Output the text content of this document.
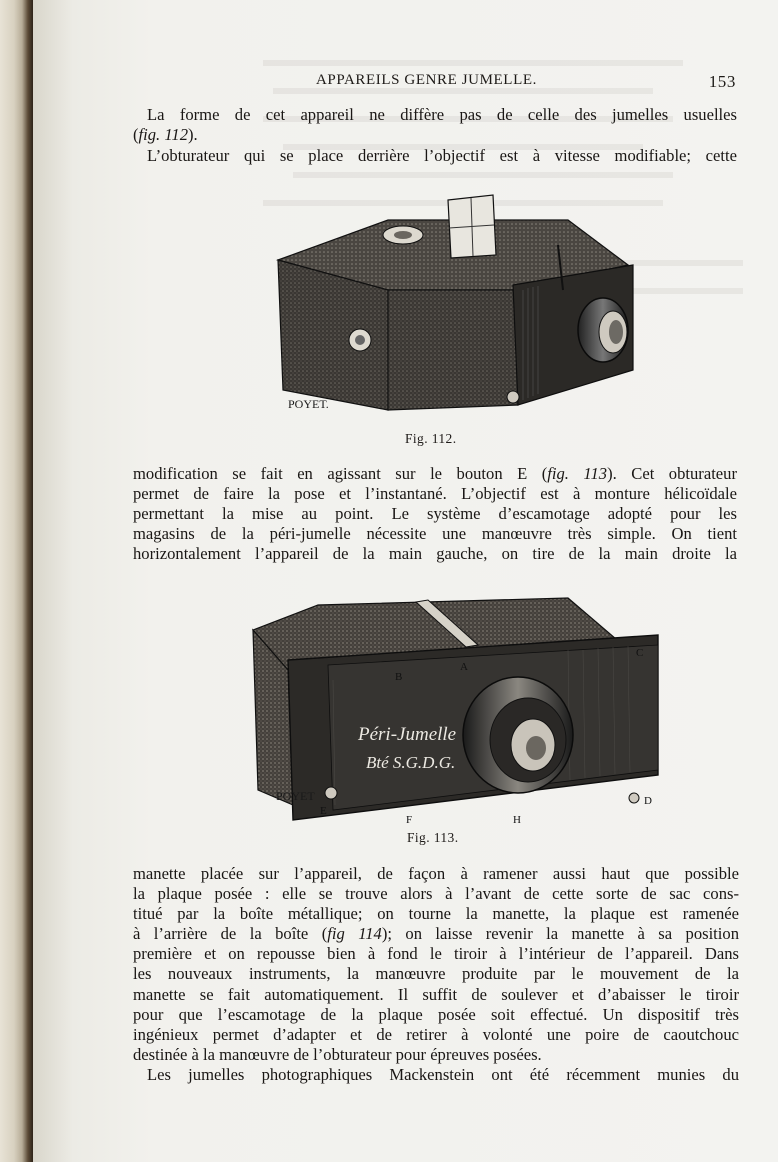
APPAREILS GENRE JUMELLE.	153
La forme de cet appareil ne diffère pas de celle des jumelles usuelles
(fig. 112).
L’obturateur qui se place derrière l’objectif est à vitesse modifiable; cette
POYET.
Fig. 112.
modification se fait en agissant sur le bouton E (fig. 113). Cet obturateur
permet de faire la pose et l’instantané. L’objectif est à monture hélicoïdale
permettant la mise au point. Le système d’escamotage adopté pour les
magasins de la péri-jumelle nécessite une manœuvre très simple. On tient
horizontalement l’appareil de la main gauche, on tire de la main droite la
Péri-Jumelle
Bté S.G.D.G.
A
B
C
D
E
F	H
POYET
Fig. 113.
manette placée sur l’appareil, de façon à ramener aussi haut que possible
la plaque posée : elle se trouve alors à l’avant de cette sorte de sac cons-
titué par la boîte métallique; on tourne la manette, la plaque est ramenée
à l’arrière de la boîte (fig 114); on laisse revenir la manette à sa position
première et on repousse bien à fond le tiroir à l’intérieur de l’appareil. Dans
les nouveaux instruments, la manœuvre produite par le mouvement de la
manette se fait automatiquement. Il suffit de soulever et d’abaisser le tiroir
pour que l’escamotage de la plaque posée soit effectué. Un dispositif très
ingénieux permet d’adapter et de retirer à volonté une poire de caoutchouc
destinée à la manœuvre de l’obturateur pour épreuves posées.
Les jumelles photographiques Mackenstein ont été récemment munies du
